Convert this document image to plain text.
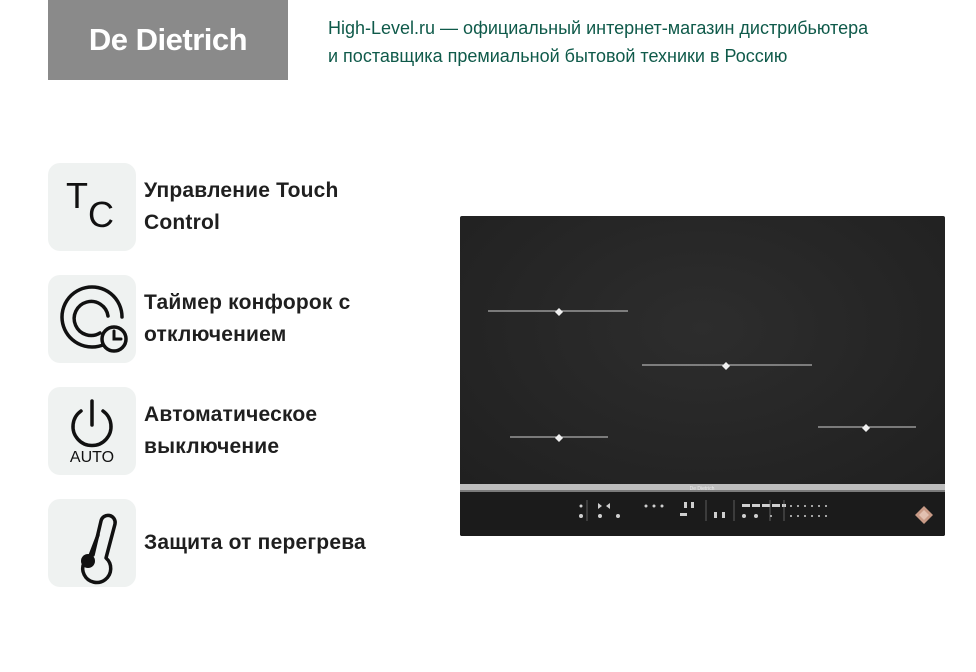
De Dietrich	High-Level.ru — официальный интернет-магазин дистрибьютера
и поставщика премиальной бытовой техники в Россию
T C
Управление Touch
Control
Таймер конфорок с
отключением
AUTO
Автоматическое
выключение
Защита от перегрева
De Dietrich
